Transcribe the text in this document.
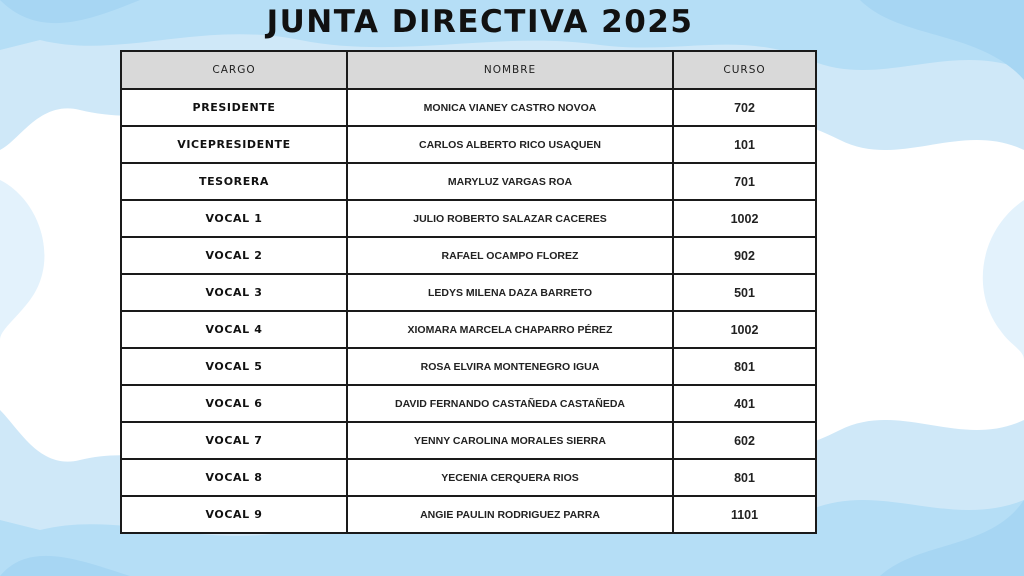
JUNTA DIRECTIVA 2025
CARGO	NOMBRE	CURSO
PRESIDENTE	MONICA VIANEY CASTRO NOVOA	702
VICEPRESIDENTE	CARLOS ALBERTO RICO USAQUEN	101
TESORERA	MARYLUZ VARGAS ROA	701
VOCAL 1	JULIO ROBERTO SALAZAR CACERES	1002
VOCAL 2	RAFAEL OCAMPO FLOREZ	902
VOCAL 3	LEDYS MILENA DAZA BARRETO	501
VOCAL 4	XIOMARA MARCELA CHAPARRO PÉREZ	1002
VOCAL 5	ROSA ELVIRA MONTENEGRO IGUA	801
VOCAL 6	DAVID FERNANDO CASTAÑEDA CASTAÑEDA	401
VOCAL 7	YENNY CAROLINA MORALES SIERRA	602
VOCAL 8	YECENIA CERQUERA RIOS	801
VOCAL 9	ANGIE PAULIN RODRIGUEZ PARRA	1101
